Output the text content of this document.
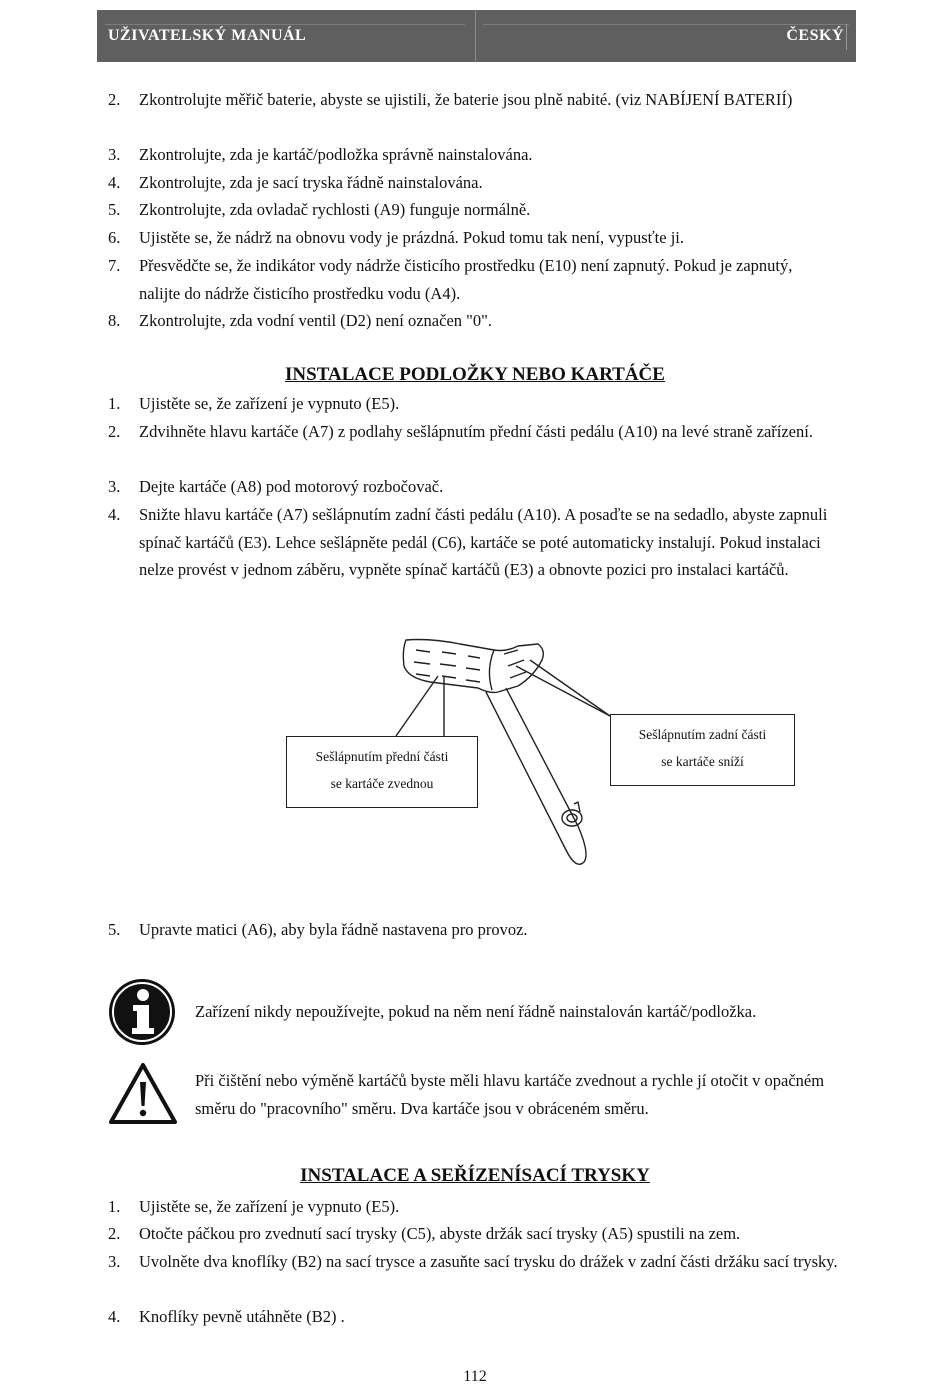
UŽIVATELSKÝ MANUÁL	ČESKÝ
2. Zkontrolujte měřič baterie, abyste se ujistili, že baterie jsou plně nabité. (viz NABÍJENÍ BATERIÍ)
3. Zkontrolujte, zda je kartáč/podložka správně nainstalována.
4. Zkontrolujte, zda je sací tryska řádně nainstalována.
5. Zkontrolujte, zda ovladač rychlosti (A9) funguje normálně.
6. Ujistěte se, že nádrž na obnovu vody je prázdná. Pokud tomu tak není, vypusťte ji.
7. Přesvědčte se, že indikátor vody nádrže čisticího prostředku (E10) není zapnutý. Pokud je zapnutý, nalijte do nádrže čisticího prostředku vodu (A4).
8. Zkontrolujte, zda vodní ventil (D2) není označen "0".
INSTALACE PODLOŽKY NEBO KARTÁČE
1. Ujistěte se, že zařízení je vypnuto (E5).
2. Zdvihněte hlavu kartáče (A7) z podlahy sešlápnutím přední části pedálu (A10) na levé straně zařízení.
3. Dejte kartáče (A8) pod motorový rozbočovač.
4. Snižte hlavu kartáče (A7) sešlápnutím zadní části pedálu (A10). A posaďte se na sedadlo, abyste zapnuli spínač kartáčů (E3). Lehce sešlápněte pedál (C6), kartáče se poté automaticky instalují. Pokud instalaci nelze provést v jednom záběru, vypněte spínač kartáčů (E3) a obnovte pozici pro instalaci kartáčů.
Sešlápnutím přední části
se kartáče zvednou
Sešlápnutím zadní části
se kartáče sníží
5. Upravte matici (A6), aby byla řádně nastavena pro provoz.
Zařízení nikdy nepoužívejte, pokud na něm není řádně nainstalován kartáč/podložka.
Při čištění nebo výměně kartáčů byste měli hlavu kartáče zvednout a rychle jí otočit v opačném směru do "pracovního" směru. Dva kartáče jsou v obráceném směru.
INSTALACE A SEŘÍZENÍSACÍ TRYSKY
1. Ujistěte se, že zařízení je vypnuto (E5).
2. Otočte páčkou pro zvednutí sací trysky (C5), abyste držák sací trysky (A5) spustili na zem.
3. Uvolněte dva knoflíky (B2) na sací trysce a zasuňte sací trysku do drážek v zadní části držáku sací trysky.
4. Knoflíky pevně utáhněte (B2) .
112
